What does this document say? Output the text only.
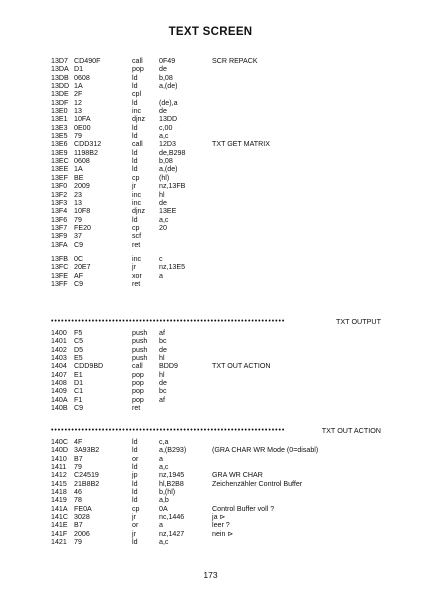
TEXT SCREEN
13D7 CD490F	call 0F49	SCR REPACK
13DA D1	pop de
13DB 0608	ld	b,08
13DD 1A	ld	a,(de)
13DE 2F	cpl
13DF 12	ld	(de),a
13E0 13	inc	de
13E1 10FA	djnz 13DD
13E3 0E00	ld	c,00
13E5 79	ld	a,c
13E6 CDD312	call 12D3	TXT GET MATRIX
13E9 1198B2	ld	de,B298
13EC 0608	ld	b,08
13EE 1A	ld	a,(de)
13EF BE	cp	(hl)
13F0 2009	jr	nz,13FB
13F2 23	inc	hl
13F3 13	inc	de
13F4 10F8	djnz 13EE
13F6 79	ld	a,c
13F7 FE20	cp	20
13F9 37	scf
13FA C9	ret
13FB 0C	inc	c
13FC 20E7	jr	nz,13E5
13FE AF	xor a
13FF C9	ret
• • • • • • • • • • • • • • • • • • • • • • • • • • • • • • • • • • • • • • • • • • • • • • • • • • • • • • • • • • • • • • • • • • • • •	TXT OUTPUT
1400 F5	push af
1401 C5	push bc
1402 D5	push de
1403 E5	push hl
1404 CDD9BD	call BDD9	TXT OUT ACTION
1407 E1	pop hl
1408 D1	pop de
1409 C1	pop bc
140A F1	pop af
140B C9	ret
• • • • • • • • • • • • • • • • • • • • • • • • • • • • • • • • • • • • • • • • • • • • • • • • • • • • • • • • • • • • • • • • • • • • •	TXT OUT ACTION
140C 4F	ld	c,a
140D 3A93B2	ld	a,(B293)	(GRA CHAR WR Mode (0=disabl)
1410 B7	or	a
1411 79	ld	a,c
1412 C24519	jp	nz,1945	GRA WR CHAR
1415 21B8B2	ld	hl,B2B8	Zeichenzähler Control Buffer
1418 46	ld	b,(hl)
1419 78	ld	a,b
141A FE0A	cp	0A	Control Buffer voll ?
141C 3028	jr	nc,1446	ja ⊳
141E B7	or	a	leer ?
141F 2006	jr	nz,1427	nein ⊳
1421 79	ld	a,c
173
